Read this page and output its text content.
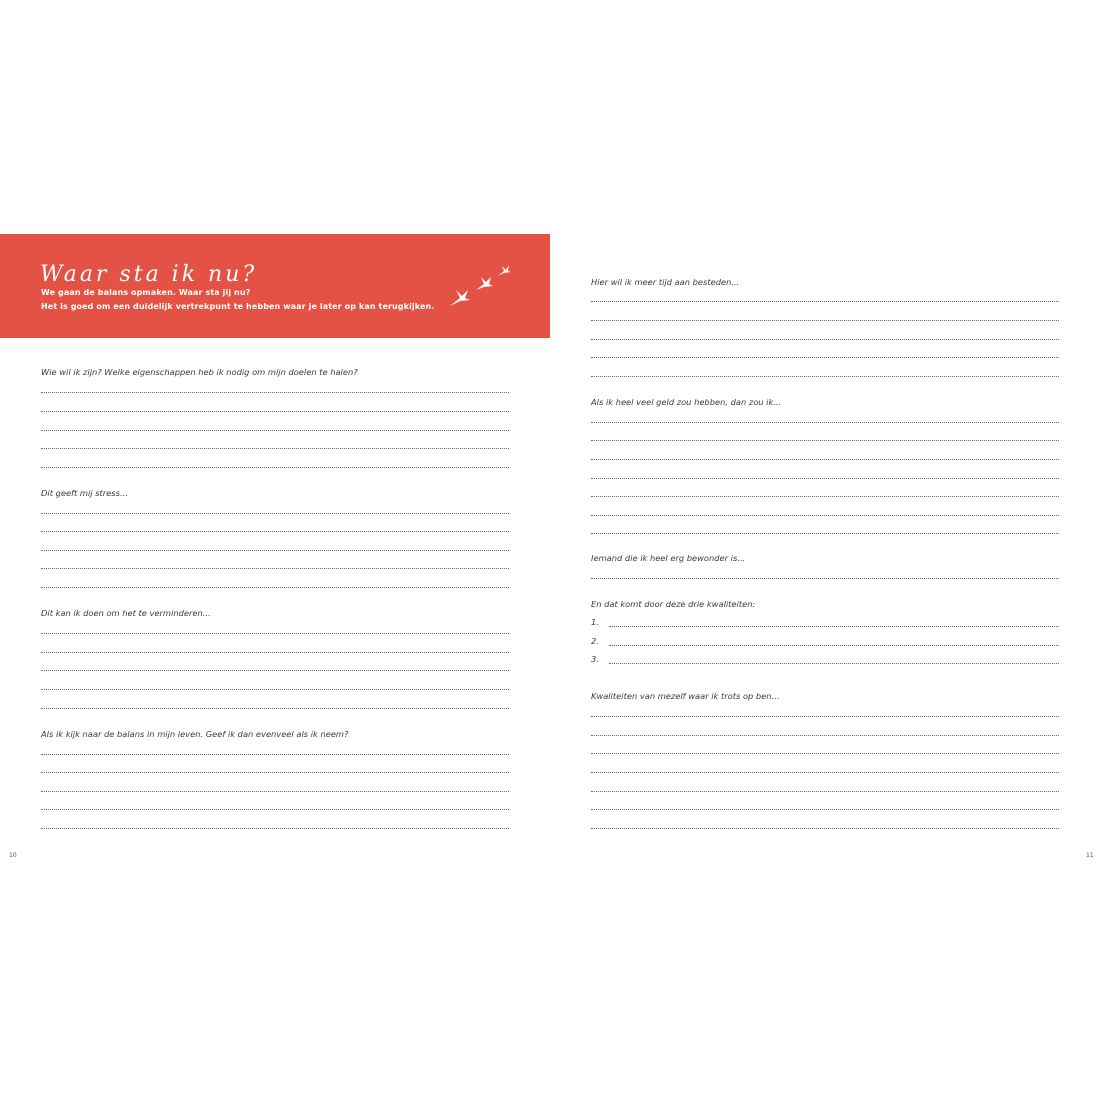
Waar sta ik nu?
We gaan de balans opmaken. Waar sta jij nu?
Het is goed om een duidelijk vertrekpunt te hebben waar je later op kan terugkijken.
Wie wil ik zijn? Welke eigenschappen heb ik nodig om mijn doelen te halen?
Dit geeft mij stress...
Dit kan ik doen om het te verminderen...
Als ik kijk naar de balans in mijn leven. Geef ik dan evenveel als ik neem?
10
Hier wil ik meer tijd aan besteden...
Als ik heel veel geld zou hebben, dan zou ik...
Iemand die ik heel erg bewonder is...
En dat komt door deze drie kwaliteiten:
1.
2.
3.
Kwaliteiten van mezelf waar ik trots op ben...
11
